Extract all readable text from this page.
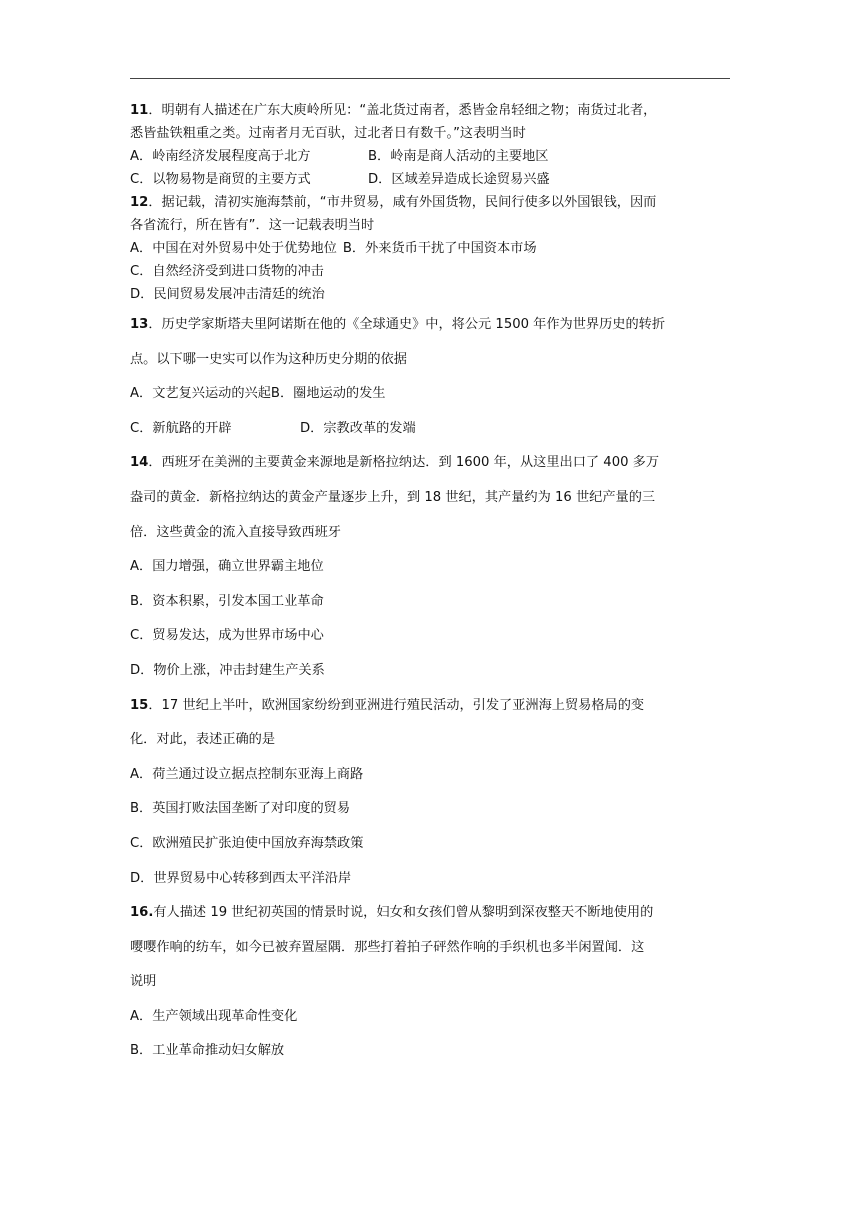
11．明朝有人描述在广东大庾岭所见：“盖北货过南者，悉皆金帛轻细之物；南货过北者，
悉皆盐铁粗重之类。过南者月无百驮，过北者日有数千。”这表明当时
A．岭南经济发展程度高于北方	B．岭南是商人活动的主要地区
C．以物易物是商贸的主要方式	D．区域差异造成长途贸易兴盛
12．据记载，清初实施海禁前，“市井贸易，咸有外国货物，民间行使多以外国银钱，因而
各省流行，所在皆有”．这一记载表明当时
A．中国在对外贸易中处于优势地位 B．外来货币干扰了中国资本市场
C．自然经济受到进口货物的冲击
D．民间贸易发展冲击清廷的统治
13．历史学家斯塔夫里阿诺斯在他的《全球通史》中，将公元 1500 年作为世界历史的转折
点。以下哪一史实可以作为这种历史分期的依据
A．文艺复兴运动的兴起 B．圈地运动的发生
C．新航路的开辟	D．宗教改革的发端
14．西班牙在美洲的主要黄金来源地是新格拉纳达．到 1600 年，从这里出口了 400 多万
盎司的黄金．新格拉纳达的黄金产量逐步上升，到 18 世纪，其产量约为 16 世纪产量的三
倍．这些黄金的流入直接导致西班牙
A．国力增强，确立世界霸主地位
B．资本积累，引发本国工业革命
C．贸易发达，成为世界市场中心
D．物价上涨，冲击封建生产关系
15．17 世纪上半叶，欧洲国家纷纷到亚洲进行殖民活动，引发了亚洲海上贸易格局的变
化．对此，表述正确的是
A．荷兰通过设立据点控制东亚海上商路
B．英国打败法国垄断了对印度的贸易
C．欧洲殖民扩张迫使中国放弃海禁政策
D．世界贸易中心转移到西太平洋沿岸
16.有人描述 19 世纪初英国的情景时说，妇女和女孩们曾从黎明到深夜整天不断地使用的
嘤嘤作响的纺车，如今已被弃置屋隅．那些打着拍子砰然作响的手织机也多半闲置闻．这
说明
A．生产领域出现革命性变化
B．工业革命推动妇女解放
